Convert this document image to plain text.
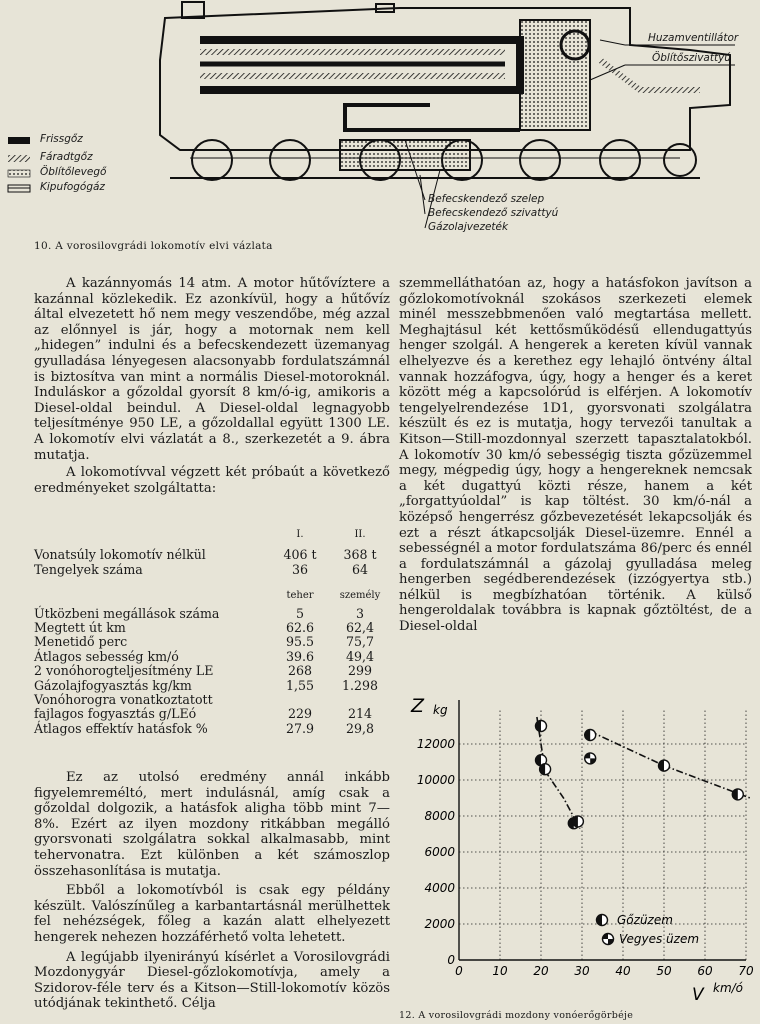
Frissgőz
Fáradtgőz
Öblítőlevegő
Kipufogógáz
Huzamventillátor
Öblítőszivattyú
Befecskendező szelep
Befecskendező szivattyú
Gázolajvezeték
10. A vorosilovgrádi lokomotív elvi vázlata

A kazánnyomás 14 atm. A motor hűtővíztere a kazánnal közlekedik. Ez azonkívül, hogy a hűtővíz által elvezetett hő nem megy veszendőbe, még azzal az előnnyel is jár, hogy a motornak nem kell „hidegen” indulni és a befecskendezett üzemanyag gyulladása lényegesen alacsonyabb fordulatszámnál is biztosítva van mint a normális Diesel-motoroknál. Induláskor a gőzoldal gyorsít 8 km/ó-ig, amikoris a Diesel-oldal beindul. A Diesel-oldal legnagyobb teljesítménye 950 LE, a gőzoldallal együtt 1300 LE. A lokomotív elvi vázlatát a 8., szerkezetét a 9. ábra mutatja.

A lokomotívval végzett két próbaút a következő eredményeket szolgáltatta:

	I.	II.

Vonatsúly lokomotív nélkül	406 t	368 t
Tengelyek száma	36	64

	teher	személy

Útközbeni megállások száma	5	3
Megtett út km	62.6	62,4
Menetidő perc	95.5	75,7
Átlagos sebesség km/ó	39.6	49,4
2 vonóhorogteljesítmény LE	268	299
Gázolajfogyasztás kg/km	1,55	1.298
Vonóhorogra vonatkoztatott fajlagos fogyasztás g/LEó	229	214
Átlagos effektív hatásfok %	27.9	29,8

Ez az utolsó eredmény annál inkább figyelemreméltó, mert indulásnál, amíg csak a gőzoldal dolgozik, a hatásfok aligha több mint 7—8%. Ezért az ilyen mozdony ritkábban megálló gyorsvonati szolgálatra sokkal alkalmasabb, mint tehervonatra. Ezt különben a két számoszlop összehasonlítása is mutatja.

Ebből a lokomotívból is csak egy példány készült. Valószínűleg a karbantartásnál merülhettek fel nehézségek, főleg a kazán alatt elhelyezett hengerek nehezen hozzáférhető volta lehetett.

A legújabb ilyenirányú kísérlet a Vorosilovgrádi Mozdonygyár Diesel-gőzlokomotívja, amely a Szidorov-féle terv és a Kitson—Still-lokomotív közös utódjának tekinthető. Célja

szemmelláthatóan az, hogy a hatásfokon javítson a gőzlokomotívoknál szokásos szerkezeti elemek minél messzebbmenően való megtartása mellett. Meghajtásul két kettősműködésű ellendugattyús henger szolgál. A hengerek a kereten kívül vannak elhelyezve és a kerethez egy lehajló öntvény által vannak hozzáfogva, úgy, hogy a henger és a keret között még a kapcsolórúd is elférjen. A lokomotív tengelyelrendezése 1D1, gyorsvonati szolgálatra készült és ez is mutatja, hogy tervezői tanultak a Kitson—Still-mozdonnyal szerzett tapasztalatokból. A lokomotív 30 km/ó sebességig tiszta gőzüzemmel megy, mégpedig úgy, hogy a hengereknek nemcsak a két dugattyú közti része, hanem a két „forgattyúoldal” is kap töltést. 30 km/ó-nál a középső hengerrész gőzbevezetését lekapcsolják és ezt a részt átkapcsolják Diesel-üzemre. Ennél a sebességnél a motor fordulatszáma 86/perc és ennél a fordulatszámnál a gázolaj gyulladása meleg hengerben segédberendezések (izzógyertya stb.) nélkül is megbízhatóan történik. A külső hengeroldalak továbbra is kapnak gőztöltést, de a Diesel-oldal

0 10 20 30 40 50 60 70
0
2000
4000
6000
8000
10000
12000
Gőzüzem
Vegyes üzem
Z kg
V km/ó
12. A vorosilovgrádi mozdony vonóerőgörbéje
